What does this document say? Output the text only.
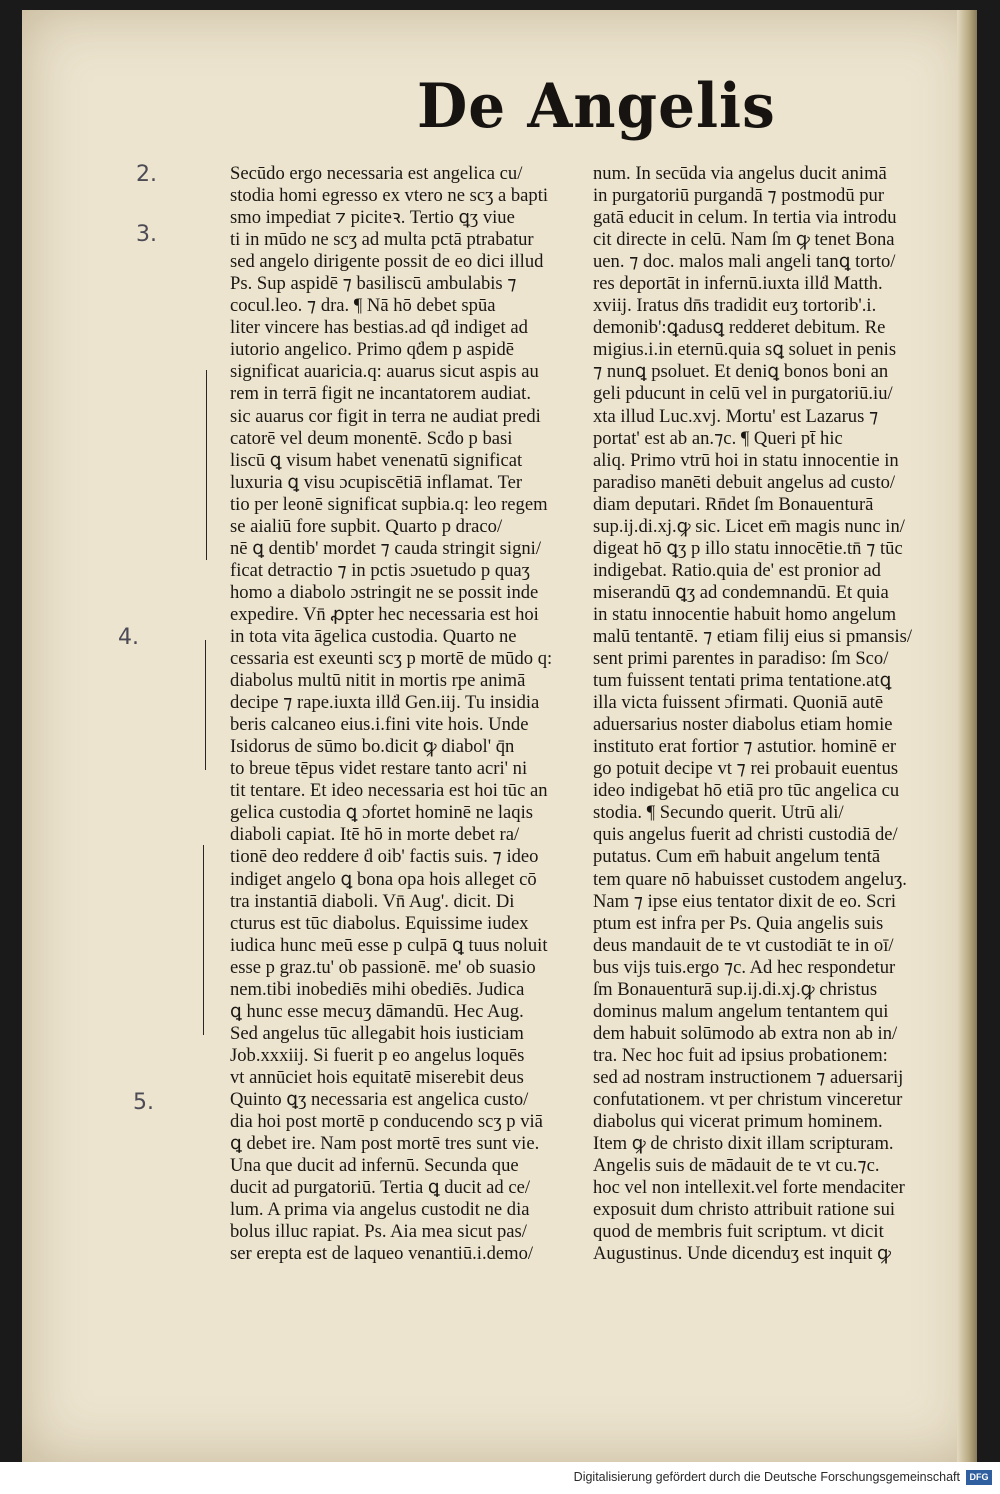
De Angelis
2.
3.
4.
5.
Secūdo ergo necessaria est angelica cu/
stodia homi egresso ex vtero ne scʒ a bapti
smo impediat ⁊ piciteꝛ. Tertio ꝗʒ viue
ti in mūdo ne scʒ ad multa pctā ptrabatur
sed angelo dirigente possit de eo dici illud
Ps. Sup aspidē ⁊ basiliscū ambulabis ⁊
cocul.leo. ⁊ dra. ¶ Nā hō debet spūa
liter vincere has bestias.ad qḋ indiget ad
iutorio angelico. Primo qḋem p aspidē
significat auaricia.q: auarus sicut aspis au
rem in terrā figit ne incantatorem audiat.
sic auarus cor figit in terra ne audiat predi
catorē vel deum monentē. Scḋo p basi
liscū ꝗ visum habet venenatū significat
luxuria ꝗ visu ɔcupiscētiā inflamat. Ter
tio per leonē significat supbia.q: leo regem
se aialiū fore supbit. Quarto p draco/
nē ꝗ dentib' mordet ⁊ cauda stringit signi/
ficat detractio ⁊ in pctis ɔsuetudo p quaʒ
homo a diabolo ɔstringit ne se possit inde
expedire. Vn̄ ꝓpter hec necessaria est hoi
in tota vita āgelica custodia. Quarto ne
cessaria est exeunti scʒ p mortē de mūdo q:
diabolus multū nitit in mortis rpe animā
decipe ⁊ rape.iuxta illḋ Gen.iij. Tu insidia
beris calcaneo eius.i.fini vite hois. Unde
Isidorus de sūmo bo.dicit ꝙ diabol' q̄n
to breue tēpus videt restare tanto acri' ni
tit tentare. Et ideo necessaria est hoi tūc an
gelica custodia ꝗ ɔfortet hominē ne laqis
diaboli capiat. Itē hō in morte debet ra/
tionē deo reddere ḋ oib' factis suis. ⁊ ideo
indiget angelo ꝗ bona opa hois alleget cō
tra instantiā diaboli. Vn̄ Aug'. dicit. Di
cturus est tūc diabolus. Equissime iudex
iudica hunc meū esse p culpā ꝗ tuus noluit
esse p graz.tu' ob passionē. me' ob suasio
nem.tibi inobediēs mihi obediēs. Judica
ꝗ hunc esse mecuʒ dāmandū. Hec Aug.
Sed angelus tūc allegabit hois iusticiam
Job.xxxiij. Si fuerit p eo angelus loquēs
vt annūciet hois equitatē miserebit deus
Quinto ꝗʒ necessaria est angelica custo/
dia hoi post mortē p conducendo scʒ p viā
ꝗ debet ire. Nam post mortē tres sunt vie.
Una que ducit ad infernū. Secunda que
ducit ad purgatoriū. Tertia ꝗ ducit ad ce/
lum. A prima via angelus custodit ne dia
bolus illuc rapiat. Ps. Aia mea sicut pas/
ser erepta est de laqueo venantiū.i.demo/
num. In secūda via angelus ducit animā
in purgatoriū purgandā ⁊ postmodū pur
gatā educit in celum. In tertia via introdu
cit directe in celū. Nam ſm ꝙ tenet Bona
uen. ⁊ doc. malos mali angeli tanꝗ torto/
res deportāt in infernū.iuxta illḋ Matth.
xviij. Iratus dn̄s tradidit euʒ tortorib'.i.
demonib':ꝗadusꝗ redderet debitum. Re
migius.i.in eternū.quia sꝗ soluet in penis
⁊ nunꝗ psoluet. Et deniꝗ bonos boni an
geli pducunt in celū vel in purgatoriū.iu/
xta illud Luc.xvj. Mortu' est Lazarus ⁊
portat' est ab an.⁊c. ¶ Queri pt̄ hic
aliq. Primo vtrū hoi in statu innocentie in
paradiso manēti debuit angelus ad custo/
diam deputari. Rn̄det ſm Bonauenturā
sup.ij.di.xj.ꝙ sic. Licet em̄ magis nunc in/
digeat hō ꝗʒ p illo statu innocētie.tn̄ ⁊ tūc
indigebat. Ratio.quia de' est pronior ad
miserandū ꝗʒ ad condemnandū. Et quia
in statu innocentie habuit homo angelum
malū tentantē. ⁊ etiam filij eius si pmansis/
sent primi parentes in paradiso: ſm Sco/
tum fuissent tentati prima tentatione.atꝗ
illa victa fuissent ɔfirmati. Quoniā autē
aduersarius noster diabolus etiam homie
instituto erat fortior ⁊ astutior. hominē er
go potuit decipe vt ⁊ rei probauit euentus
ideo indigebat hō etiā pro tūc angelica cu
stodia. ¶ Secundo querit. Utrū ali/
quis angelus fuerit ad christi custodiā de/
putatus. Cum em̄ habuit angelum tentā
tem quare nō habuisset custodem angeluʒ.
Nam ⁊ ipse eius tentator dixit de eo. Scri
ptum est infra per Ps. Quia angelis suis
deus mandauit de te vt custodiāt te in oī/
bus vijs tuis.ergo ⁊c. Ad hec respondetur
ſm Bonauenturā sup.ij.di.xj.ꝙ christus
dominus malum angelum tentantem qui
dem habuit solūmodo ab extra non ab in/
tra. Nec hoc fuit ad ipsius probationem:
sed ad nostram instructionem ⁊ aduersarij
confutationem. vt per christum vinceretur
diabolus qui vicerat primum hominem.
Item ꝙ de christo dixit illam scripturam.
Angelis suis de mādauit de te vt cu.⁊c.
hoc vel non intellexit.vel forte mendaciter
exposuit dum christo attribuit ratione sui
quod de membris fuit scriptum. vt dicit
Augustinus. Unde dicenduʒ est inquit ꝙ
Digitalisierung gefördert durch die Deutsche Forschungsgemeinschaft	DFG
